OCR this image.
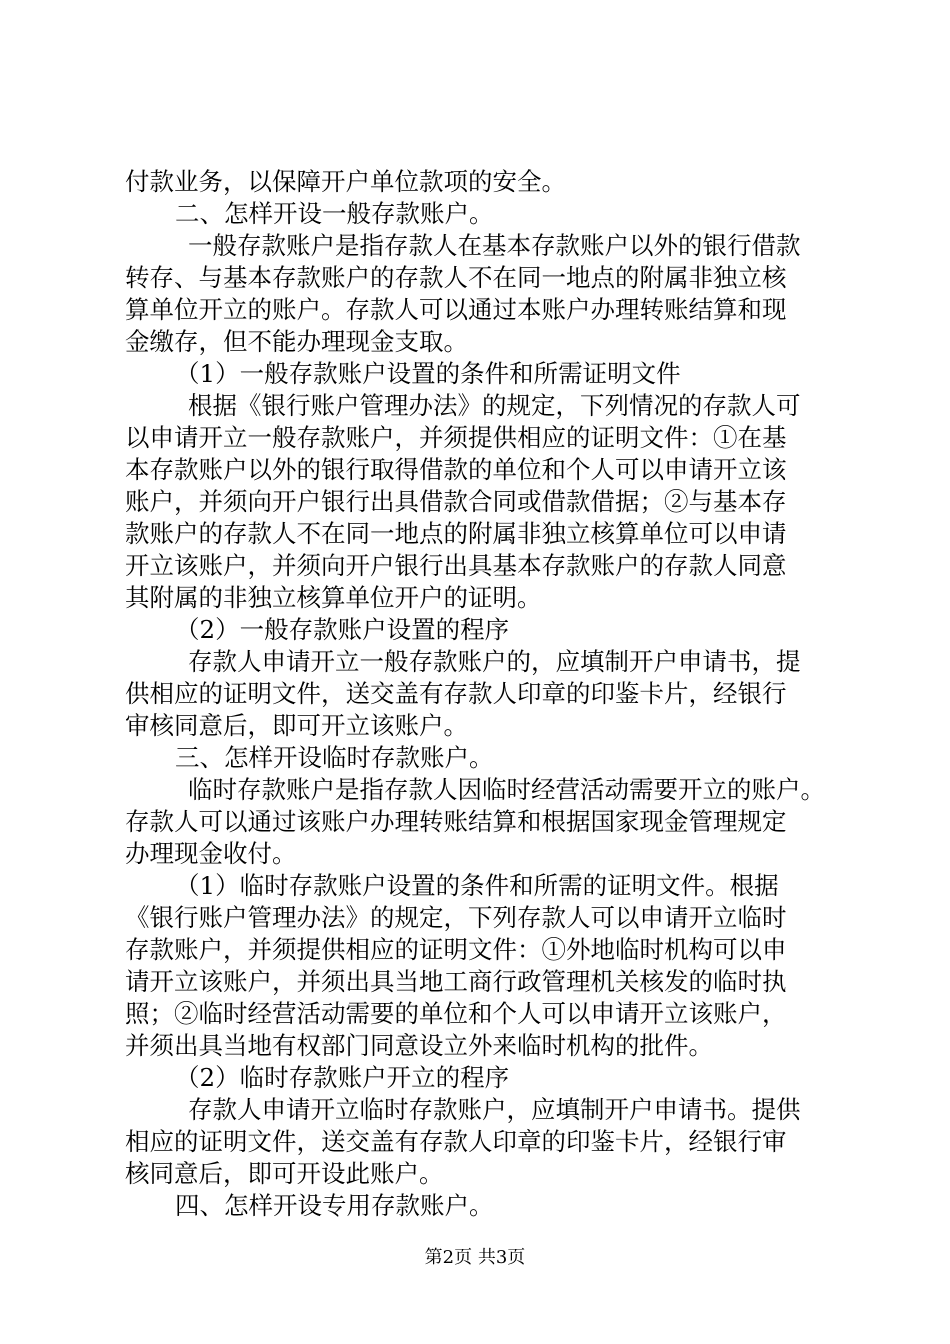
付款业务，以保障开户单位款项的安全。
二、怎样开设一般存款账户。
一般存款账户是指存款人在基本存款账户以外的银行借款
转存、与基本存款账户的存款人不在同一地点的附属非独立核
算单位开立的账户。存款人可以通过本账户办理转账结算和现
金缴存，但不能办理现金支取。
（1）一般存款账户设置的条件和所需证明文件
根据《银行账户管理办法》的规定，下列情况的存款人可
以申请开立一般存款账户，并须提供相应的证明文件：①在基
本存款账户以外的银行取得借款的单位和个人可以申请开立该
账户，并须向开户银行出具借款合同或借款借据；②与基本存
款账户的存款人不在同一地点的附属非独立核算单位可以申请
开立该账户，并须向开户银行出具基本存款账户的存款人同意
其附属的非独立核算单位开户的证明。
（2）一般存款账户设置的程序
存款人申请开立一般存款账户的，应填制开户申请书，提
供相应的证明文件，送交盖有存款人印章的印鉴卡片，经银行
审核同意后，即可开立该账户。
三、怎样开设临时存款账户。
临时存款账户是指存款人因临时经营活动需要开立的账户。
存款人可以通过该账户办理转账结算和根据国家现金管理规定
办理现金收付。
（1）临时存款账户设置的条件和所需的证明文件。根据
《银行账户管理办法》的规定，下列存款人可以申请开立临时
存款账户，并须提供相应的证明文件：①外地临时机构可以申
请开立该账户，并须出具当地工商行政管理机关核发的临时执
照；②临时经营活动需要的单位和个人可以申请开立该账户，
并须出具当地有权部门同意设立外来临时机构的批件。
（2）临时存款账户开立的程序
存款人申请开立临时存款账户，应填制开户申请书。提供
相应的证明文件，送交盖有存款人印章的印鉴卡片，经银行审
核同意后，即可开设此账户。
四、怎样开设专用存款账户。
第2页 共3页
